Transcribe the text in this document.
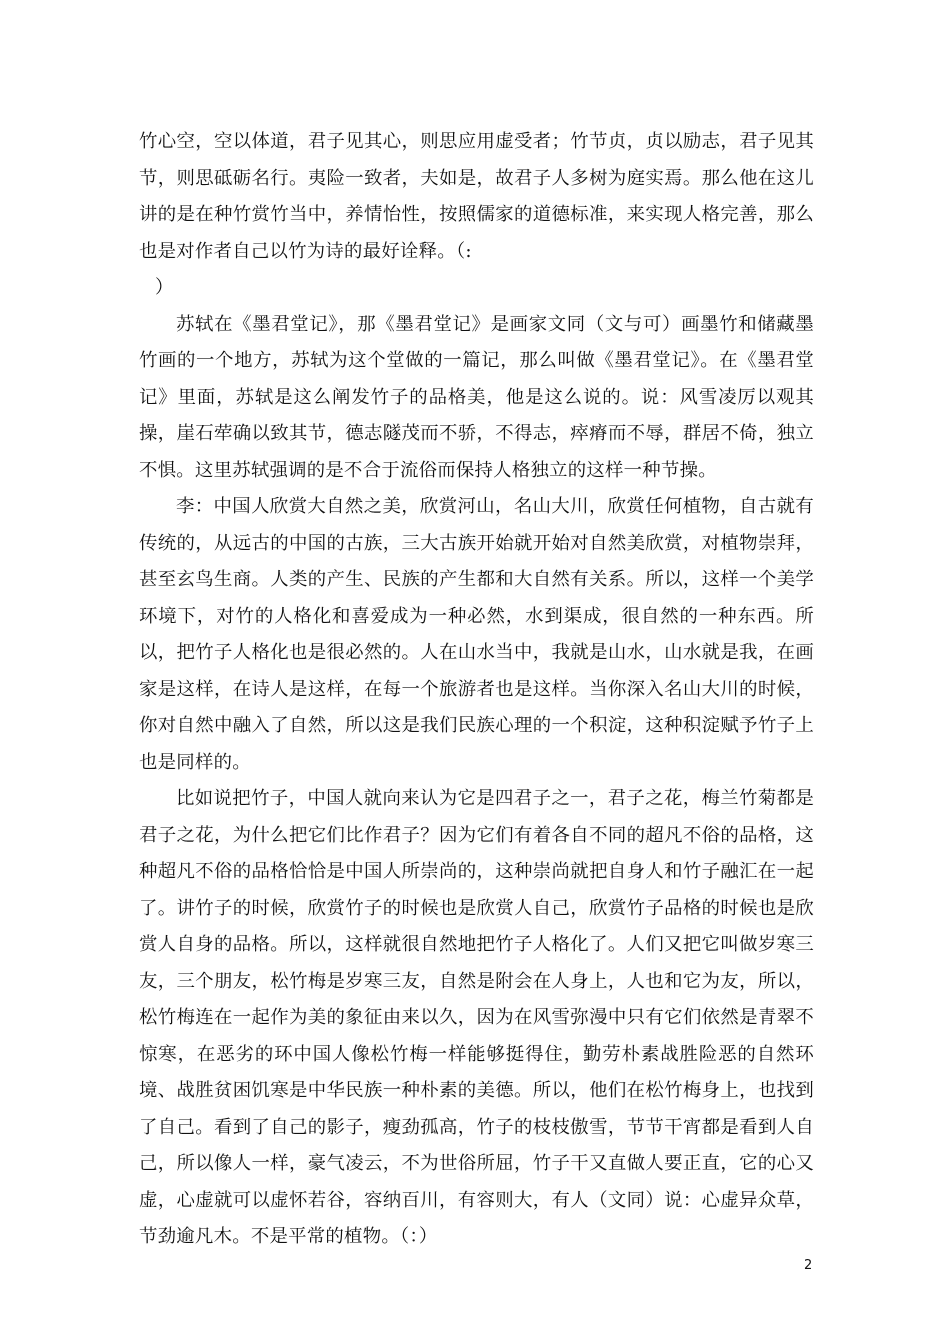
竹心空，空以体道，君子见其心，则思应用虚受者；竹节贞，贞以励志，君子见其节，则思砥砺名行。夷险一致者，夫如是，故君子人多树为庭实焉。那么他在这儿讲的是在种竹赏竹当中，养情怡性，按照儒家的道德标准，来实现人格完善，那么也是对作者自己以竹为诗的最好诠释。（:

）

苏轼在《墨君堂记》，那《墨君堂记》是画家文同（文与可）画墨竹和储藏墨竹画的一个地方，苏轼为这个堂做的一篇记，那么叫做《墨君堂记》。在《墨君堂记》里面，苏轼是这么阐发竹子的品格美，他是这么说的。说：风雪凌厉以观其操，崖石荦确以致其节，德志隧茂而不骄，不得志，瘁瘠而不辱，群居不倚，独立不惧。这里苏轼强调的是不合于流俗而保持人格独立的这样一种节操。

李：中国人欣赏大自然之美，欣赏河山，名山大川，欣赏任何植物，自古就有传统的，从远古的中国的古族，三大古族开始就开始对自然美欣赏，对植物崇拜，甚至玄鸟生商。人类的产生、民族的产生都和大自然有关系。所以，这样一个美学环境下，对竹的人格化和喜爱成为一种必然，水到渠成，很自然的一种东西。所以，把竹子人格化也是很必然的。人在山水当中，我就是山水，山水就是我，在画家是这样，在诗人是这样，在每一个旅游者也是这样。当你深入名山大川的时候，你对自然中融入了自然，所以这是我们民族心理的一个积淀，这种积淀赋予竹子上也是同样的。

比如说把竹子，中国人就向来认为它是四君子之一，君子之花，梅兰竹菊都是君子之花，为什么把它们比作君子？因为它们有着各自不同的超凡不俗的品格，这种超凡不俗的品格恰恰是中国人所崇尚的，这种崇尚就把自身人和竹子融汇在一起了。讲竹子的时候，欣赏竹子的时候也是欣赏人自己，欣赏竹子品格的时候也是欣赏人自身的品格。所以，这样就很自然地把竹子人格化了。人们又把它叫做岁寒三友，三个朋友，松竹梅是岁寒三友，自然是附会在人身上，人也和它为友，所以，松竹梅连在一起作为美的象征由来以久，因为在风雪弥漫中只有它们依然是青翠不惊寒，在恶劣的环中国人像松竹梅一样能够挺得住，勤劳朴素战胜险恶的自然环境、战胜贫困饥寒是中华民族一种朴素的美德。所以，他们在松竹梅身上，也找到了自己。看到了自己的影子，瘦劲孤高，竹子的枝枝傲雪，节节干宵都是看到人自己，所以像人一样，豪气凌云，不为世俗所屈，竹子干又直做人要正直，它的心又虚，心虚就可以虚怀若谷，容纳百川，有容则大，有人（文同）说：心虚异众草，节劲逾凡木。不是平常的植物。（：）

2
